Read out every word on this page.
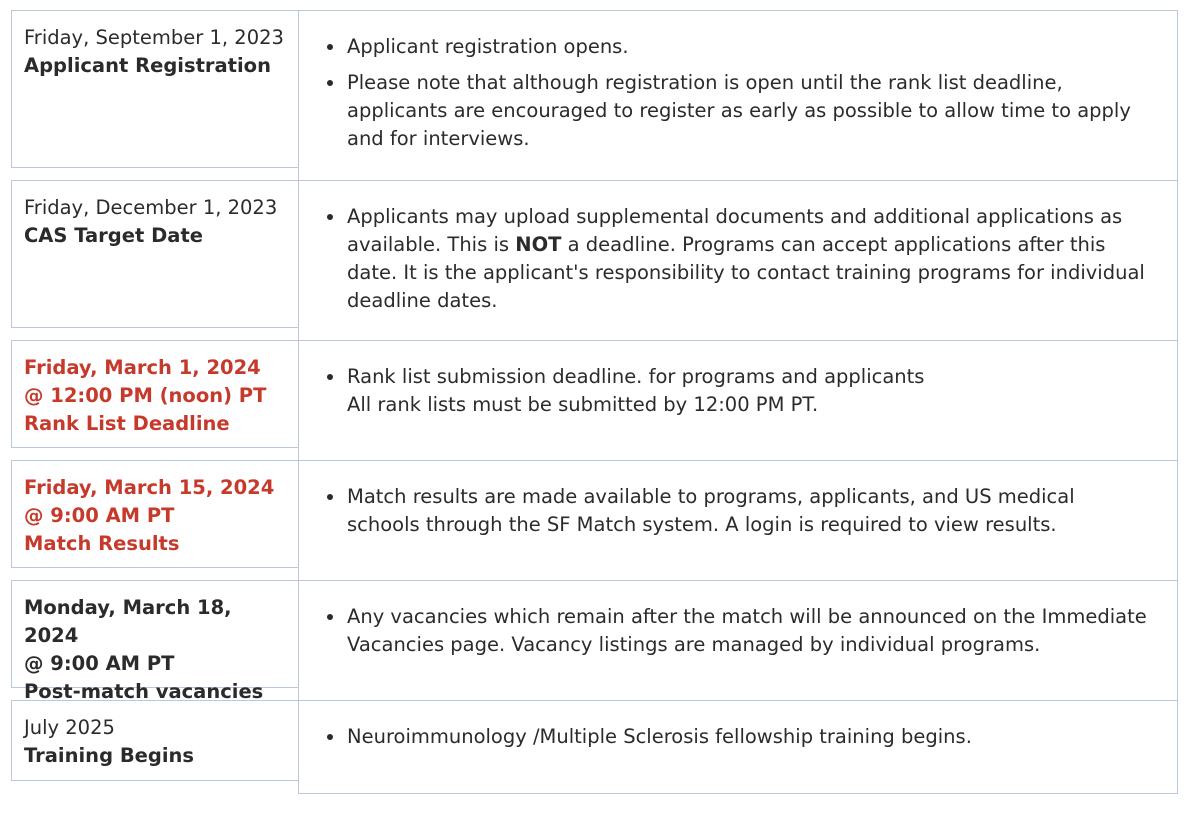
Friday, September 1, 2023
Applicant Registration
Applicant registration opens.
Please note that although registration is open until the rank list deadline, applicants are encouraged to register as early as possible to allow time to apply and for interviews.
Friday, December 1, 2023
CAS Target Date
Applicants may upload supplemental documents and additional applications as available. This is NOT a deadline. Programs can accept applications after this date. It is the applicant's responsibility to contact training programs for individual deadline dates.
Friday, March 1, 2024
@ 12:00 PM (noon) PT
Rank List Deadline
Rank list submission deadline. for programs and applicants
All rank lists must be submitted by 12:00 PM PT.
Friday, March 15, 2024
@ 9:00 AM PT
Match Results
Match results are made available to programs, applicants, and US medical schools through the SF Match system. A login is required to view results.
Monday, March 18, 2024
@ 9:00 AM PT
Post-match vacancies
Any vacancies which remain after the match will be announced on the Immediate Vacancies page. Vacancy listings are managed by individual programs.
July 2025
Training Begins
Neuroimmunology /Multiple Sclerosis fellowship training begins.
